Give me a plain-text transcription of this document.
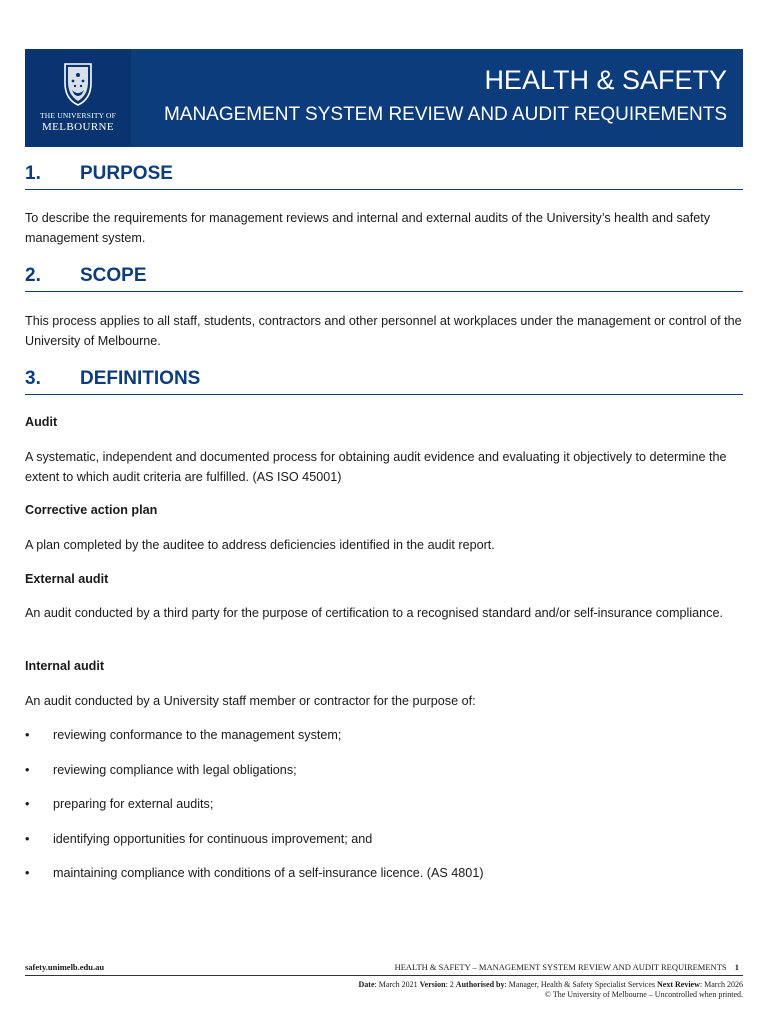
THE UNIVERSITY OF
MELBOURNE
HEALTH & SAFETY
MANAGEMENT SYSTEM REVIEW AND AUDIT REQUIREMENTS
1. PURPOSE
To describe the requirements for management reviews and internal and external audits of the University’s health and safety management system.
2. SCOPE
This process applies to all staff, students, contractors and other personnel at workplaces under the management or control of the University of Melbourne.
3. DEFINITIONS
Audit
A systematic, independent and documented process for obtaining audit evidence and evaluating it objectively to determine the extent to which audit criteria are fulfilled. (AS ISO 45001)
Corrective action plan
A plan completed by the auditee to address deficiencies identified in the audit report.
External audit
An audit conducted by a third party for the purpose of certification to a recognised standard and/or self-insurance compliance.
Internal audit
An audit conducted by a University staff member or contractor for the purpose of:
• reviewing conformance to the management system;
• reviewing compliance with legal obligations;
• preparing for external audits;
• identifying opportunities for continuous improvement; and
• maintaining compliance with conditions of a self-insurance licence. (AS 4801)
safety.unimelb.edu.au	HEALTH & SAFETY – MANAGEMENT SYSTEM REVIEW AND AUDIT REQUIREMENTS 1
Date: March 2021 Version: 2 Authorised by: Manager, Health & Safety Specialist Services Next Review: March 2026
© The University of Melbourne – Uncontrolled when printed.
